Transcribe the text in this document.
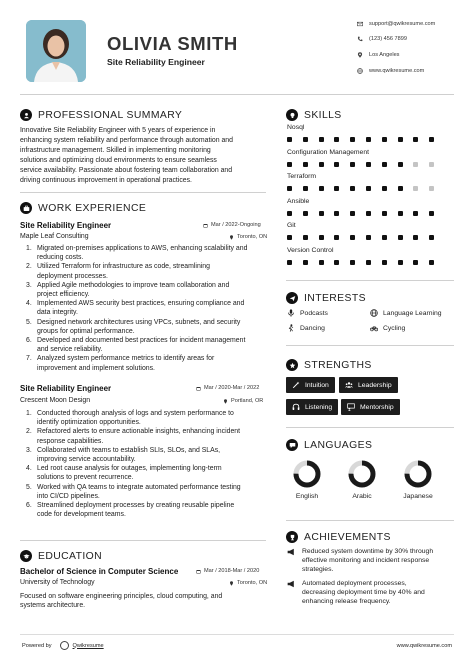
OLIVIA SMITH
Site Reliability Engineer
support@qwikresume.com
(123) 456 7899
Los Angeles
www.qwikresume.com
PROFESSIONAL SUMMARY
Innovative Site Reliability Engineer with 5 years of experience in
enhancing system reliability and performance through automation and
infrastructure management. Skilled in implementing monitoring
solutions and optimizing cloud environments to ensure seamless
service availability. Passionate about fostering team collaboration and
driving continuous improvement in operational practices.
WORK EXPERIENCE
Site Reliability Engineer	Mar / 2022-Ongoing
Maple Leaf Consulting	Toronto, ON
1. Migrated on-premises applications to AWS, enhancing scalability and
reducing costs.
2. Utilized Terraform for infrastructure as code, streamlining
deployment processes.
3. Applied Agile methodologies to improve team collaboration and
project efficiency.
4. Implemented AWS security best practices, ensuring compliance and
data integrity.
5. Designed network architectures using VPCs, subnets, and security
groups for optimal performance.
6. Developed and documented best practices for incident management
and service reliability.
7. Analyzed system performance metrics to identify areas for
improvement and implement solutions.
Site Reliability Engineer	Mar / 2020-Mar / 2022
Crescent Moon Design	Portland, OR
1. Conducted thorough analysis of logs and system performance to
identify optimization opportunities.
2. Refactored alerts to ensure actionable insights, enhancing incident
response capabilities.
3. Collaborated with teams to establish SLIs, SLOs, and SLAs,
improving service accountability.
4. Led root cause analysis for outages, implementing long-term
solutions to prevent recurrence.
5. Worked with QA teams to integrate automated performance testing
into CI/CD pipelines.
6. Streamlined deployment processes by creating reusable pipeline
code for development teams.
EDUCATION
Bachelor of Science in Computer Science	Mar / 2018-Mar / 2020
University of Technology	Toronto, ON
Focused on software engineering principles, cloud computing, and
systems architecture.
SKILLS
Nosql
Configuration Management
Terraform
Ansible
Git
Version Control
INTERESTS
Podcasts	Language Learning
Dancing	Cycling
STRENGTHS
Intuition	Leadership
Listening	Mentorship
LANGUAGES
English	Arabic	Japanese
ACHIEVEMENTS
Reduced system downtime by 30% through
effective monitoring and incident response
strategies.
Automated deployment processes,
decreasing deployment time by 40% and
enhancing release frequency.
Powered by	Qwikresume	www.qwikresume.com
